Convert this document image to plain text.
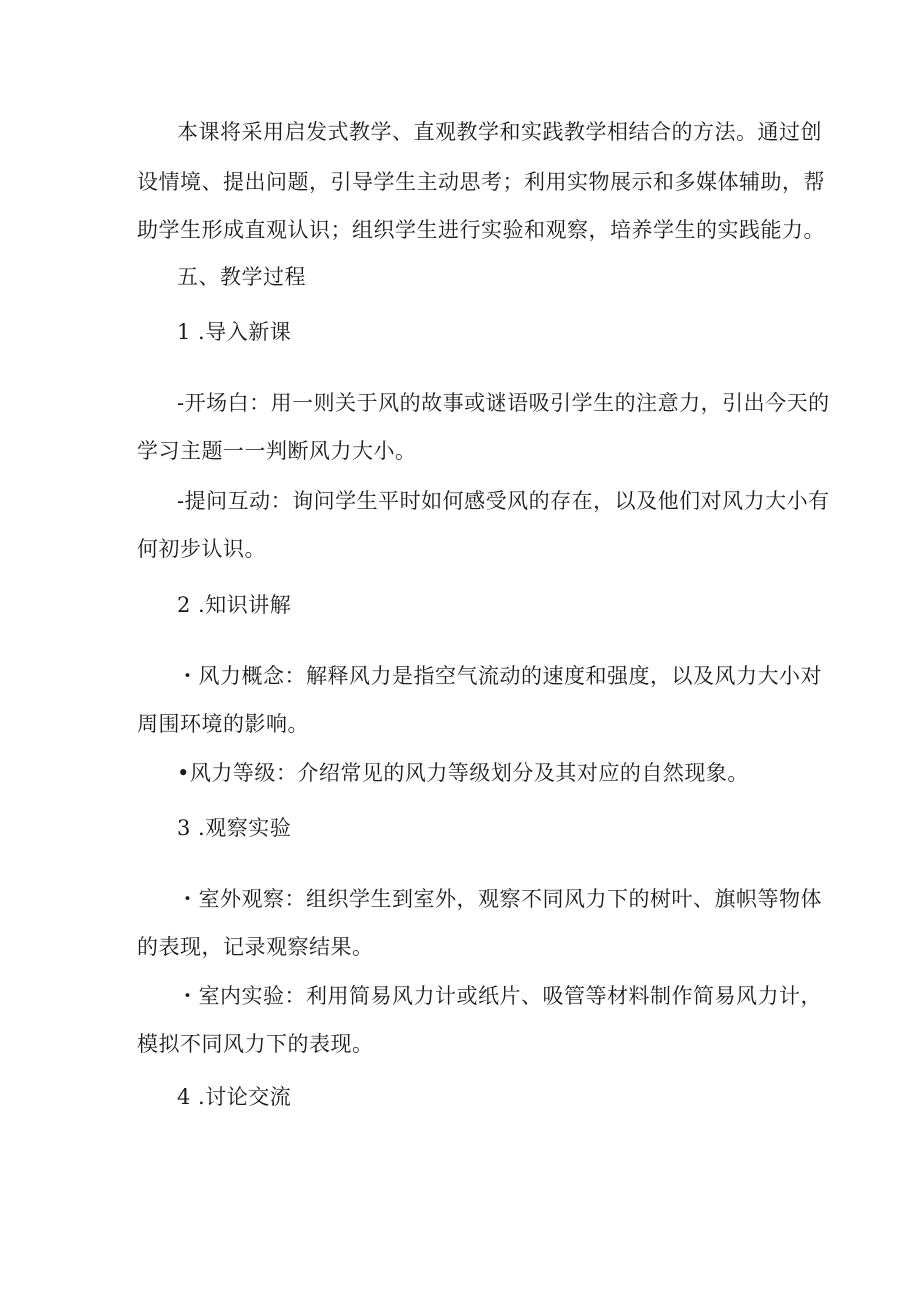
本课将采用启发式教学、直观教学和实践教学相结合的方法。通过创
设情境、提出问题，引导学生主动思考；利用实物展示和多媒体辅助，帮
助学生形成直观认识；组织学生进行实验和观察，培养学生的实践能力。
五、教学过程
1 .导入新课
-开场白：用一则关于风的故事或谜语吸引学生的注意力，引出今天的
学习主题一一判断风力大小。
-提问互动：询问学生平时如何感受风的存在，以及他们对风力大小有
何初步认识。
2 .知识讲解
・风力概念：解释风力是指空气流动的速度和强度，以及风力大小对
周围环境的影响。
•风力等级：介绍常见的风力等级划分及其对应的自然现象。
3 .观察实验
・室外观察：组织学生到室外，观察不同风力下的树叶、旗帜等物体
的表现，记录观察结果。
・室内实验：利用简易风力计或纸片、吸管等材料制作简易风力计，
模拟不同风力下的表现。
4 .讨论交流
